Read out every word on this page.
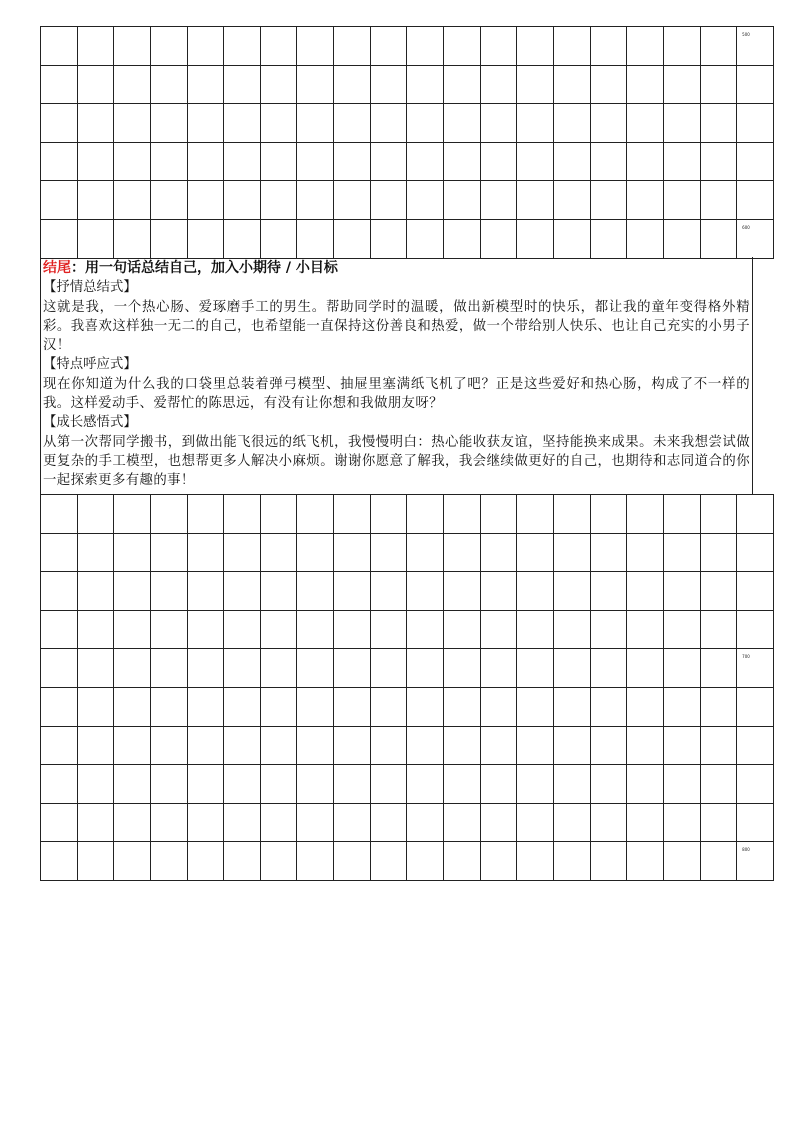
																			500

																			600
结尾：用一句话总结自己，加入小期待 / 小目标
【抒情总结式】
这就是我，一个热心肠、爱琢磨手工的男生。帮助同学时的温暖，做出新模型时的快乐，都让我的童年变得格外精彩。我喜欢这样独一无二的自己，也希望能一直保持这份善良和热爱，做一个带给别人快乐、也让自己充实的小男子汉！
【特点呼应式】
现在你知道为什么我的口袋里总装着弹弓模型、抽屉里塞满纸飞机了吧？正是这些爱好和热心肠，构成了不一样的我。这样爱动手、爱帮忙的陈思远，有没有让你想和我做朋友呀？
【成长感悟式】
从第一次帮同学搬书，到做出能飞很远的纸飞机，我慢慢明白：热心能收获友谊，坚持能换来成果。未来我想尝试做更复杂的手工模型，也想帮更多人解决小麻烦。谢谢你愿意了解我，我会继续做更好的自己，也期待和志同道合的你一起探索更多有趣的事！

																			700

																			800
